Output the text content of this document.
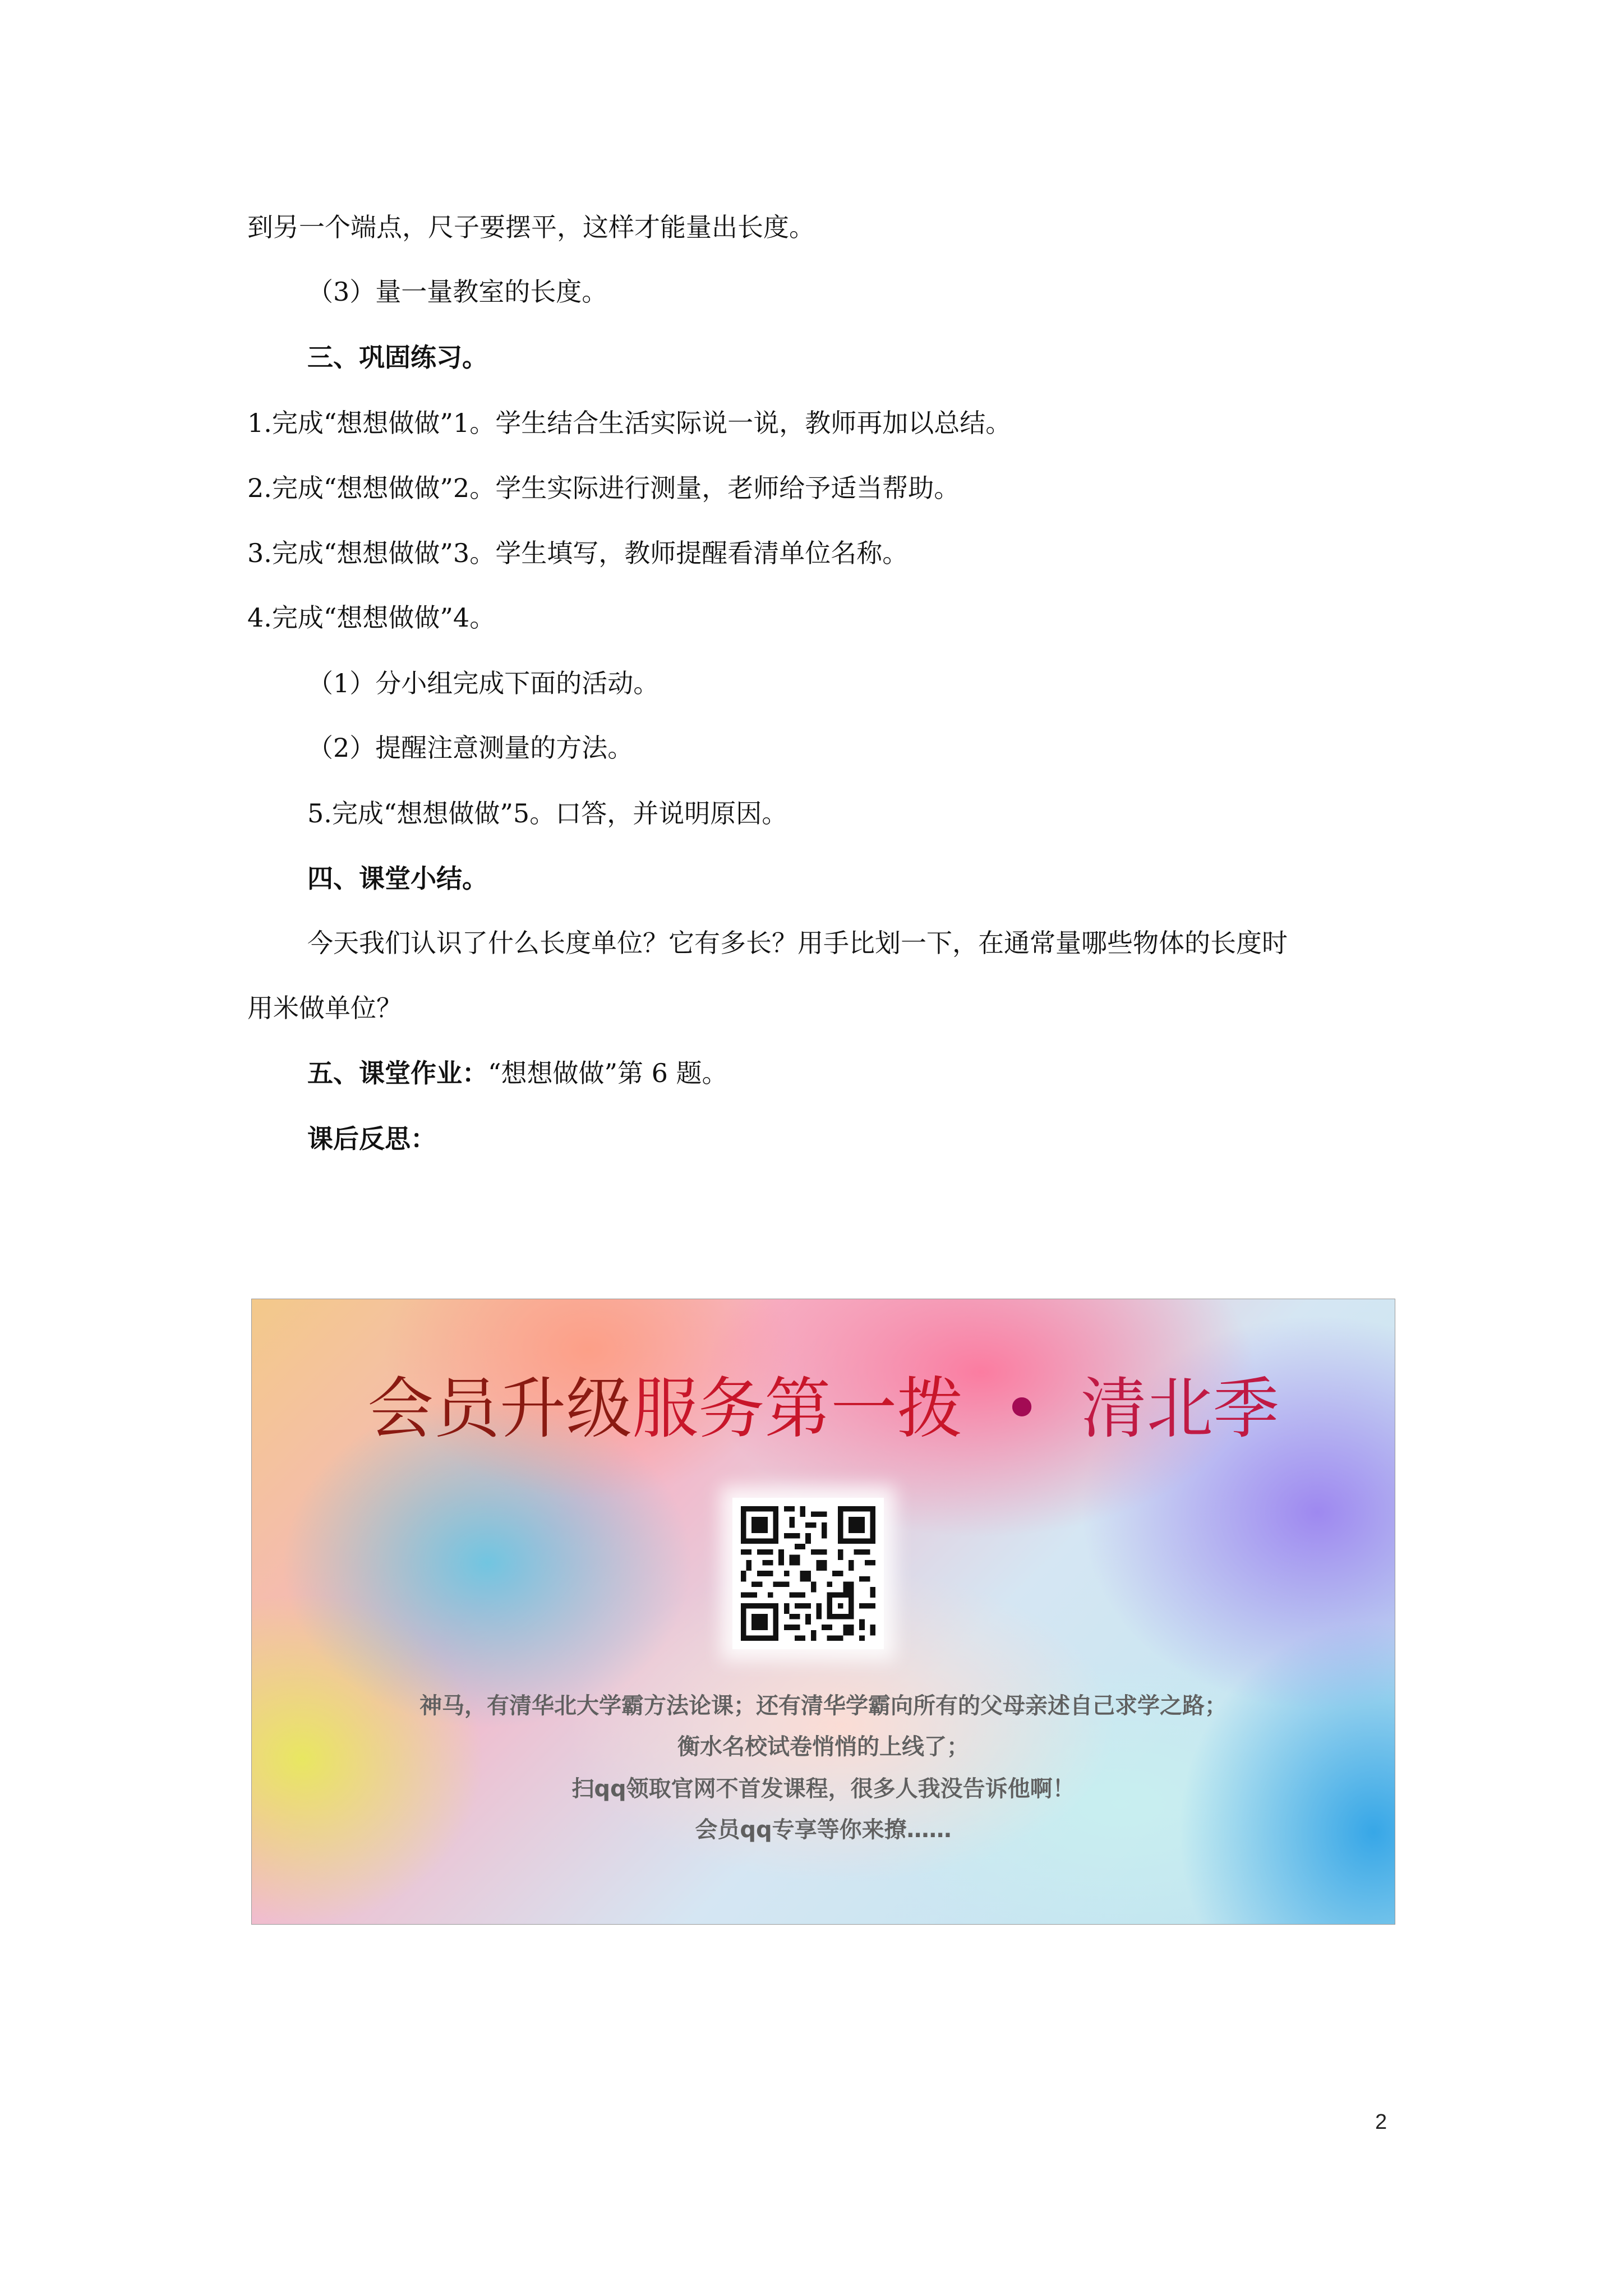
到另一个端点，尺子要摆平，这样才能量出长度。
（3）量一量教室的长度。
三、巩固练习。
1.完成“想想做做”1。学生结合生活实际说一说，教师再加以总结。
2.完成“想想做做”2。学生实际进行测量，老师给予适当帮助。
3.完成“想想做做”3。学生填写，教师提醒看清单位名称。
4.完成“想想做做”4。
（1）分小组完成下面的活动。
（2）提醒注意测量的方法。
5.完成“想想做做”5。口答，并说明原因。
四、课堂小结。
今天我们认识了什么长度单位？它有多长？用手比划一下，在通常量哪些物体的长度时
用米做单位？
五、课堂作业：“想想做做”第 6 题。
课后反思：
会员升级服务第一拨 • 清北季
神马，有清华北大学霸方法论课；还有清华学霸向所有的父母亲述自己求学之路；
衡水名校试卷悄悄的上线了；
扫qq领取官网不首发课程，很多人我没告诉他啊！
会员qq专享等你来撩……
2
